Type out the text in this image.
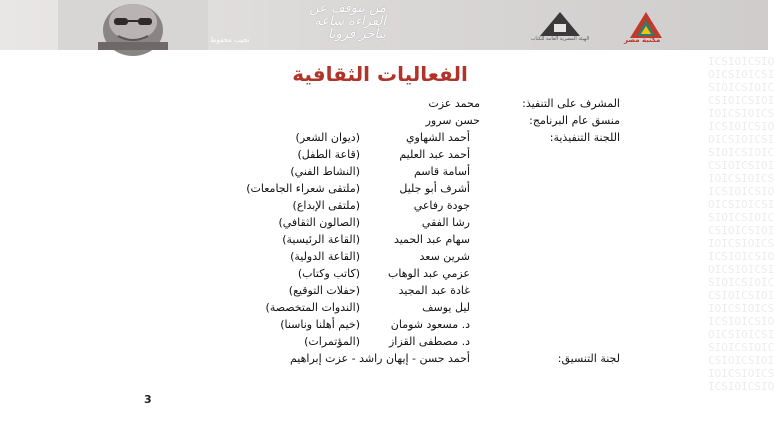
من يتوقف عن القراءة ساعة يتأخر قرونا
نجيب محفوظ	الهيئة المصرية العامة للكتاب	مكتبة مصر
ICSIOICSIO
OICSIOICSI
SIOICSIOIC
CSIOICSIOI
IOICSIOICS
ICSIOICSIO
OICSIOICSI
SIOICSIOIC
CSIOICSIOI
IOICSIOICS
ICSIOICSIO
OICSIOICSI
SIOICSIOIC
CSIOICSIOI
IOICSIOICS
ICSIOICSIO
OICSIOICSI
SIOICSIOIC
CSIOICSIOI
IOICSIOICS
ICSIOICSIO
OICSIOICSI
SIOICSIOIC
CSIOICSIOI
IOICSIOICS
ICSIOICSIO
الفعاليات الثقافية
المشرف على التنفيذ:
محمد عزت
منسق عام البرنامج:
حسن سرور
اللجنة التنفيذية:
أحمد الشهاوي
(ديوان الشعر)
أحمد عبد العليم
(قاعة الطفل)
أسامة قاسم
(النشاط الفني)
أشرف أبو جليل
(ملتقى شعراء الجامعات)
جودة رفاعي
(ملتقى الإبداع)
رشا الفقي
(الصالون الثقافي)
سهام عبد الحميد
(القاعة الرئيسية)
شرين سعد
(القاعة الدولية)
عزمي عبد الوهاب
(كاتب وكتاب)
غادة عبد المجيد
(حفلات التوقيع)
ليل يوسف
(الندوات المتخصصة)
د. مسعود شومان
(خيم أهلنا وناسنا)
د. مصطفى القزاز
(المؤتمرات)
لجنة التنسيق:
أحمد حسن - إيهان راشد - عزت إبراهيم
3
